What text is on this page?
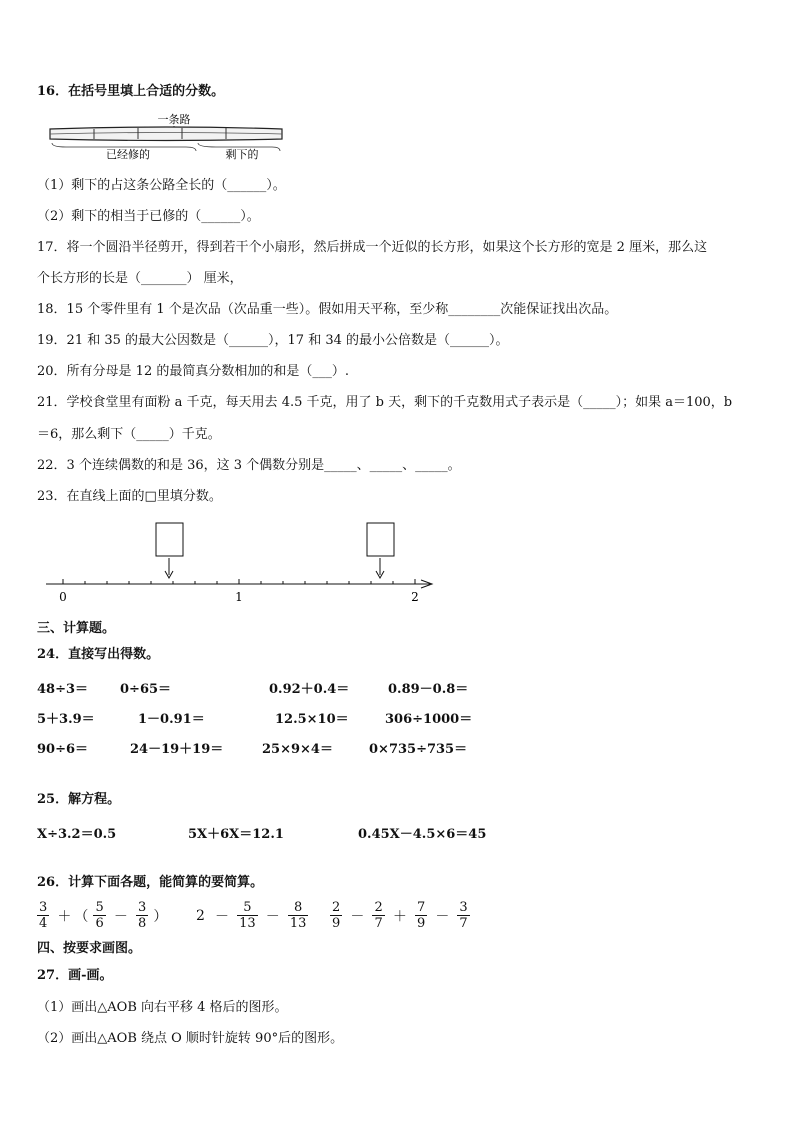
16．在括号里填上合适的分数。
一条路
已经修的	剩下的
（1）剩下的占这条公路全长的（______）。
（2）剩下的相当于已修的（______）。
17．将一个圆沿半径剪开，得到若干个小扇形，然后拼成一个近似的长方形，如果这个长方形的宽是 2 厘米，那么这
个长方形的长是（_______） 厘米，
18．15 个零件里有 1 个是次品（次品重一些）。假如用天平称，至少称________次能保证找出次品。
19．21 和 35 的最大公因数是（______），17 和 34 的最小公倍数是（______）。
20．所有分母是 12 的最简真分数相加的和是（___）.
21．学校食堂里有面粉 a 千克，每天用去 4.5 千克，用了 b 天，剩下的千克数用式子表示是（_____）；如果 a＝100，b
＝6，那么剩下（_____）千克。
22．3 个连续偶数的和是 36，这 3 个偶数分别是_____、_____、_____。
23．在直线上面的□里填分数。
0	1	2
三、计算题。
24．直接写出得数。
48÷3＝ 0÷65＝	0.92＋0.4＝	0.89－0.8＝
5＋3.9＝	1－0.91＝	12.5×10＝	306÷1000＝
90÷6＝	24－19＋19＝	25×9×4＝	0×735÷735＝
25．解方程。
X÷3.2＝0.5	5X＋6X＝12.1	0.45X－4.5×6＝45
26．计算下面各题，能简算的要简算。
$\frac{3}{4}$ ＋ （ $\frac{5}{6} - \frac{3}{8}$ ） $2 - \frac{5}{13} - \frac{8}{13} \frac{2}{9} - \frac{2}{7} + \frac{7}{9} - \frac{3}{7}$
四、按要求画图。
27．画-画。
（1）画出△AOB 向右平移 4 格后的图形。
（2）画出△AOB 绕点 O 顺时针旋转 90°后的图形。
